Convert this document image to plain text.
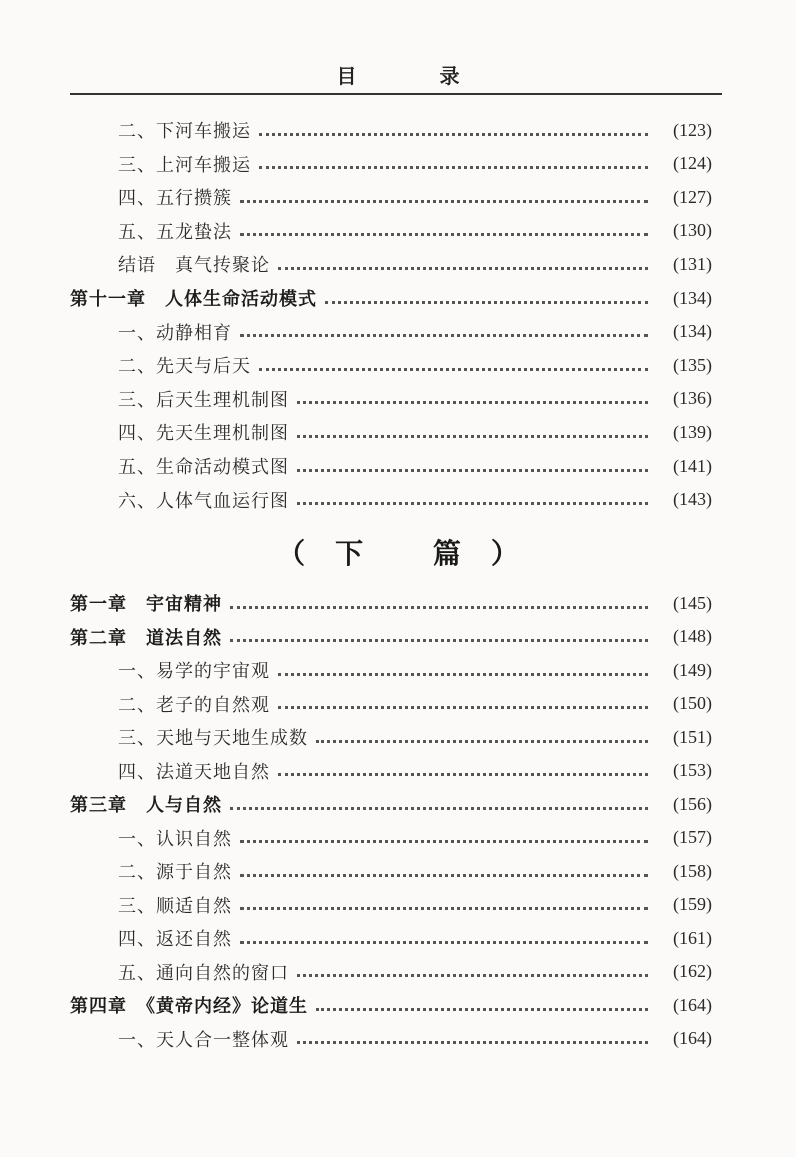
目 录
二、下河车搬运	(123)
三、上河车搬运	(124)
四、五行攒簇	(127)
五、五龙蛰法	(130)
结语　真气抟聚论	(131)
第十一章　人体生命活动模式	(134)
一、动静相育	(134)
二、先天与后天	(135)
三、后天生理机制图	(136)
四、先天生理机制图	(139)
五、生命活动模式图	(141)
六、人体气血运行图	(143)
（下 篇）
第一章　宇宙精神	(145)
第二章　道法自然	(148)
一、易学的宇宙观	(149)
二、老子的自然观	(150)
三、天地与天地生成数	(151)
四、法道天地自然	(153)
第三章　人与自然	(156)
一、认识自然	(157)
二、源于自然	(158)
三、顺适自然	(159)
四、返还自然	(161)
五、通向自然的窗口	(162)
第四章　《黄帝内经》论道生	(164)
一、天人合一整体观	(164)
